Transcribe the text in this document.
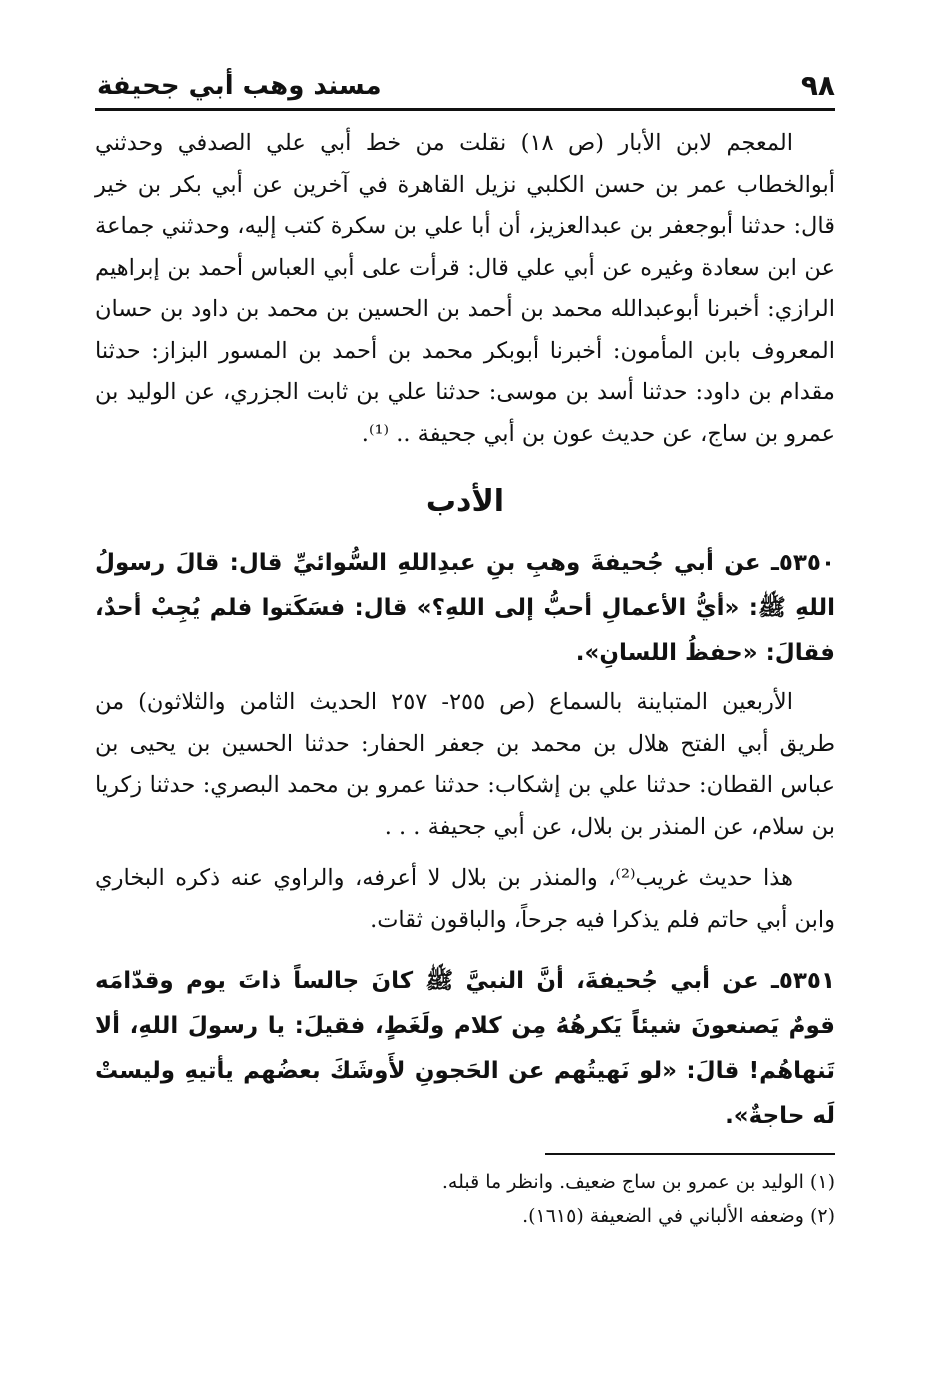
٩٨
مسند وهب أبي جحيفة

المعجم لابن الأبار (ص ١٨) نقلت من خط أبي علي الصدفي وحدثني أبوالخطاب عمر بن حسن الكلبي نزيل القاهرة في آخرين عن أبي بكر بن خير قال: حدثنا أبوجعفر بن عبدالعزيز، أن أبا علي بن سكرة كتب إليه، وحدثني جماعة عن ابن سعادة وغيره عن أبي علي قال: قرأت على أبي العباس أحمد بن إبراهيم الرازي: أخبرنا أبوعبدالله محمد بن أحمد بن الحسين بن محمد بن داود بن حسان المعروف بابن المأمون: أخبرنا أبوبكر محمد بن أحمد بن المسور البزاز: حدثنا مقدام بن داود: حدثنا أسد بن موسى: حدثنا علي بن ثابت الجزري، عن الوليد بن عمرو بن ساج، عن حديث عون بن أبي جحيفة .. ⁽¹⁾.

الأدب

٥٣٥٠ـ عن أبي جُحيفةَ وهبِ بنِ عبدِاللهِ السُّوائيِّ قال: قالَ رسولُ اللهِ ﷺ: «أيُّ الأعمالِ أحبُّ إلى اللهِ؟» قال: فسَكَتوا فلم يُجِبْ أحدٌ، فقالَ: «حفظُ اللسانِ».

الأربعين المتباينة بالسماع (ص ٢٥٥- ٢٥٧ الحديث الثامن والثلاثون) من طريق أبي الفتح هلال بن محمد بن جعفر الحفار: حدثنا الحسين بن يحيى بن عباس القطان: حدثنا علي بن إشكاب: حدثنا عمرو بن محمد البصري: حدثنا زكريا بن سلام، عن المنذر بن بلال، عن أبي جحيفة . . .

هذا حديث غريب⁽²⁾، والمنذر بن بلال لا أعرفه، والراوي عنه ذكره البخاري وابن أبي حاتم فلم يذكرا فيه جرحاً، والباقون ثقات.

٥٣٥١ـ عن أبي جُحيفةَ، أنَّ النبيَّ ﷺ كانَ جالساً ذاتَ يوم وقدّامَه قومٌ يَصنعونَ شيئاً يَكرهُهُ مِن كلام ولَغَطٍ، فقيلَ: يا رسولَ اللهِ، ألا تَنهاهُم! قالَ: «لو نَهيتُهم عن الحَجونِ لأَوشَكَ بعضُهم يأتيهِ وليستْ لَه حاجةٌ».

(١) الوليد بن عمرو بن ساج ضعيف. وانظر ما قبله.

(٢) وضعفه الألباني في الضعيفة (١٦١٥).
